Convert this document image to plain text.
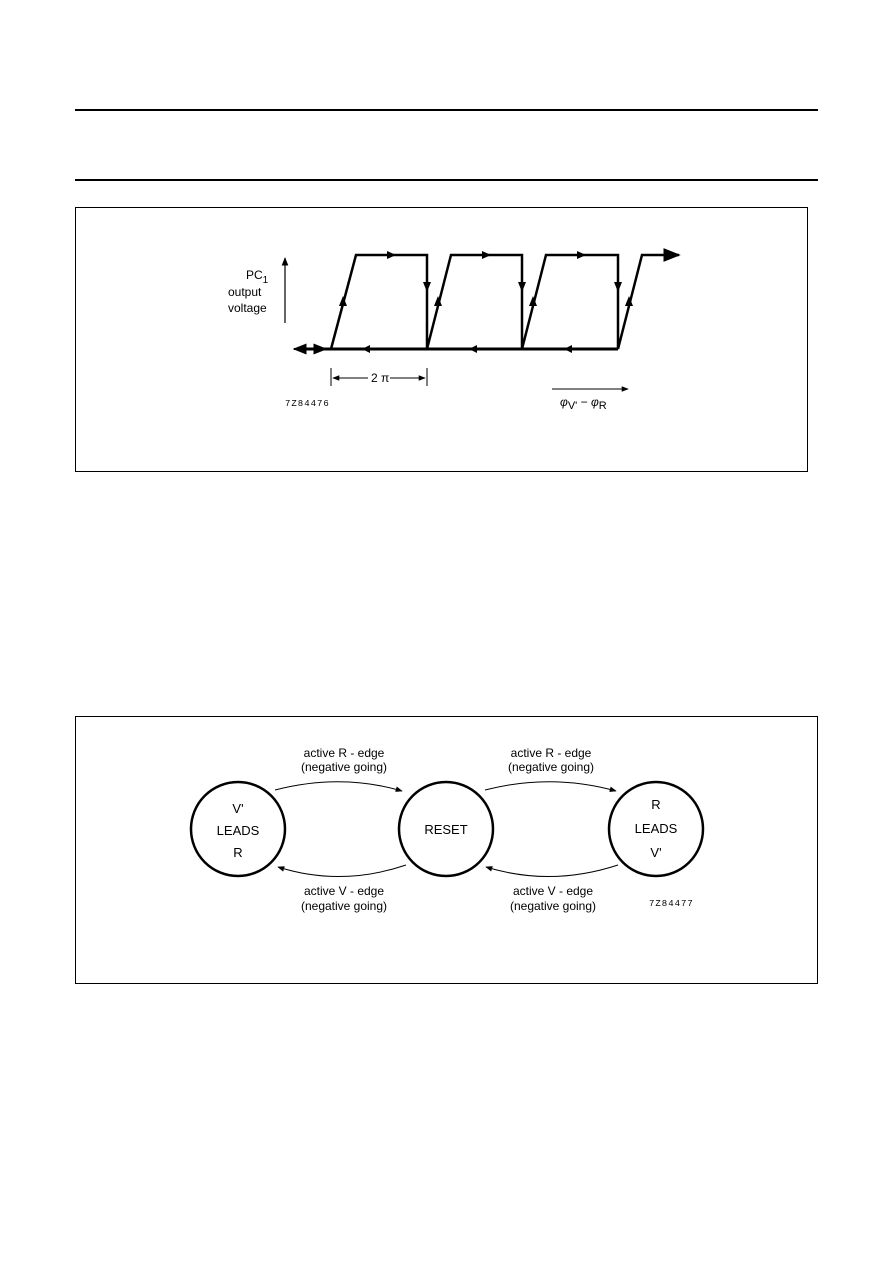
$PC_1$
output
voltage
2 π
φV' − φR
7Z84476
V'
LEADS
R
RESET
R
LEADS
V'
active R - edge
(negative going)
active R - edge
(negative going)
active V - edge
(negative going)
active V - edge
(negative going)	7Z84477
